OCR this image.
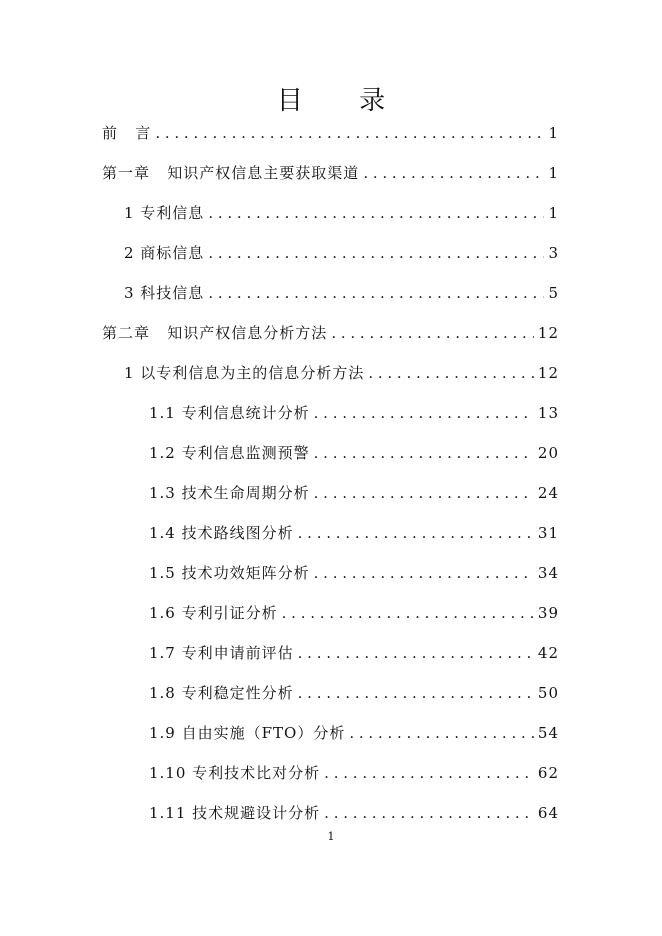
目 录
前   言 . . .	1
第一章   知识产权信息主要获取渠道 . . .	1
1 专利信息 . . .	1
2 商标信息 . . .	3
3 科技信息 . . .	5
第二章   知识产权信息分析方法 . . .	12
1 以专利信息为主的信息分析方法 . . .	12
1.1 专利信息统计分析 . . .	13
1.2 专利信息监测预警 . . .	20
1.3 技术生命周期分析 . . .	24
1.4 技术路线图分析 . . .	31
1.5 技术功效矩阵分析 . . .	34
1.6 专利引证分析 . . .	39
1.7 专利申请前评估 . . .	42
1.8 专利稳定性分析 . . .	50
1.9 自由实施（FTO）分析 . . .	54
1.10 专利技术比对分析 . . .	62
1.11 技术规避设计分析 . . .	64
1
